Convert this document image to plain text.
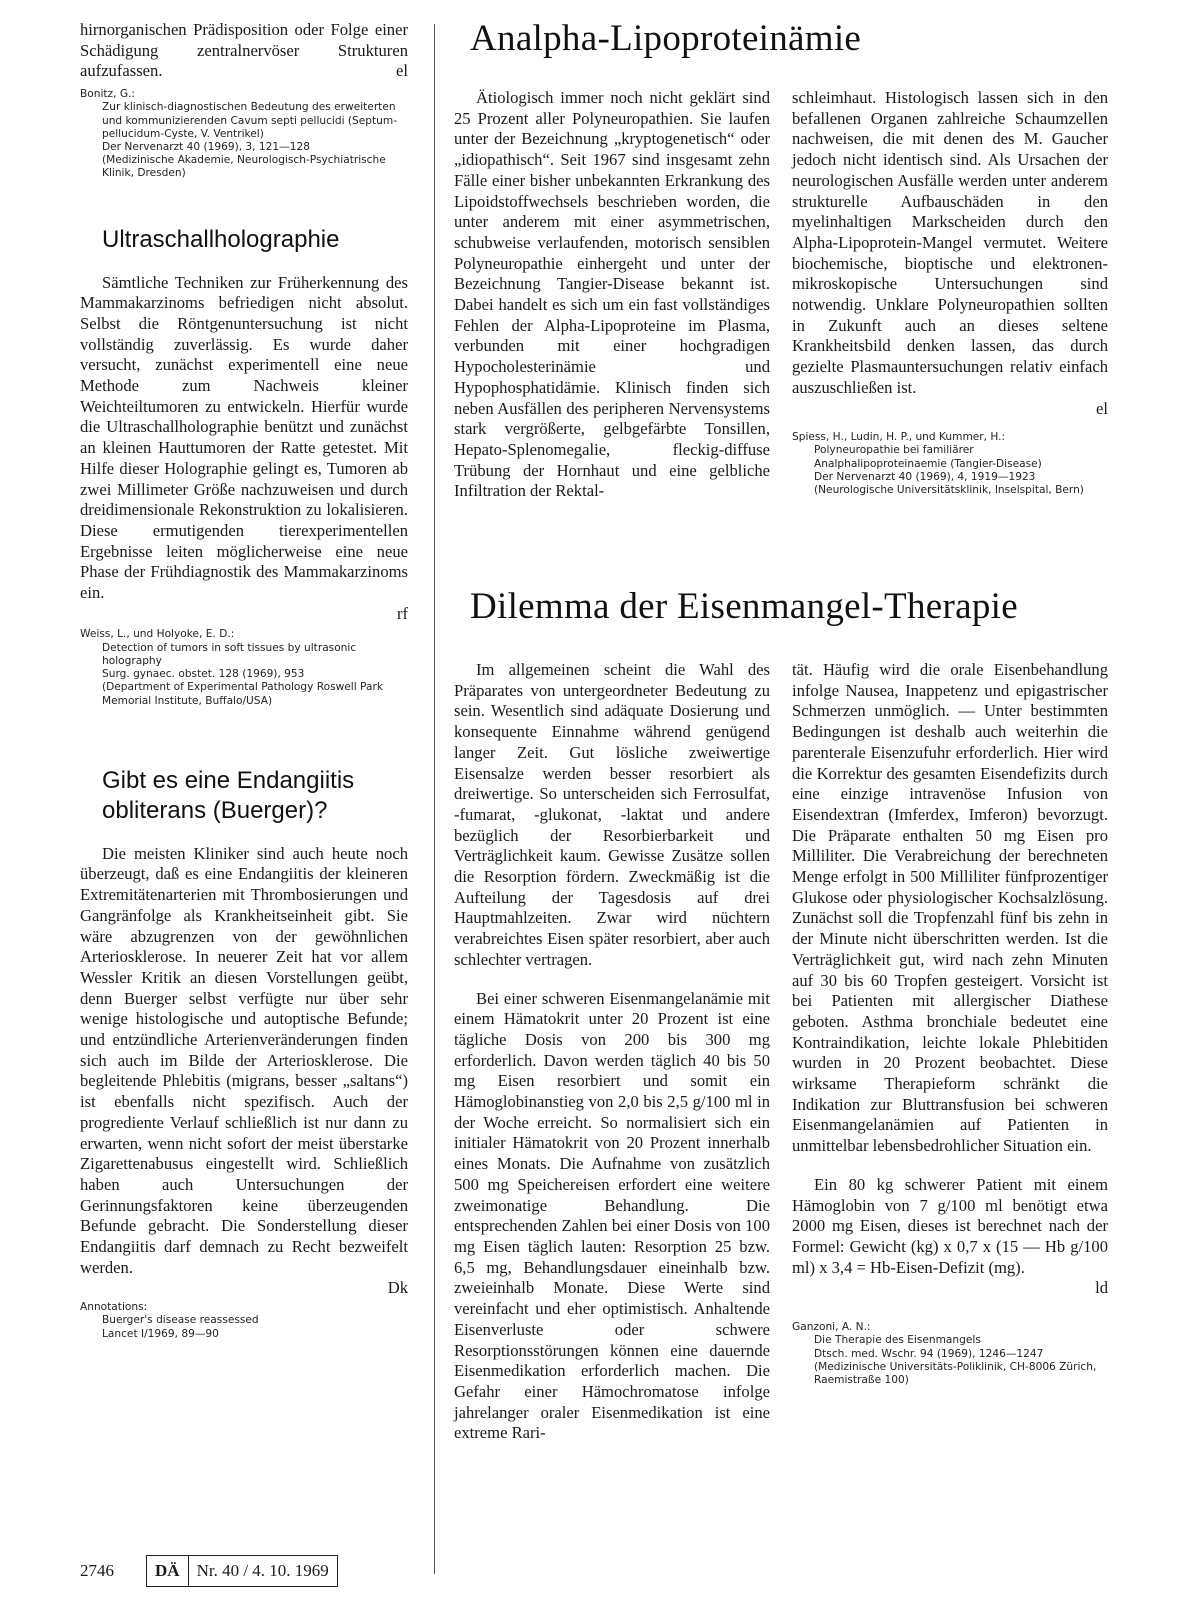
hirnorganischen Prädisposition oder Folge einer Schädigung zentralnervöser Strukturen aufzufassen.	el

Bonitz, G.:
Zur klinisch-diagnostischen Bedeutung des erweiterten und kommunizierenden Cavum septi pellucidi (Septum-pellucidum-Cyste, V. Ventrikel)
Der Nervenarzt 40 (1969), 3, 121—128
(Medizinische Akademie, Neurologisch-Psychiatrische Klinik, Dresden)
Ultraschallholographie

Sämtliche Techniken zur Früherkennung des Mammakarzinoms befriedigen nicht absolut. Selbst die Röntgenuntersuchung ist nicht vollständig zuverlässig. Es wurde daher versucht, zunächst experimentell eine neue Methode zum Nachweis kleiner Weichteiltumoren zu entwickeln. Hierfür wurde die Ultraschallholographie benützt und zunächst an kleinen Hauttumoren der Ratte getestet. Mit Hilfe dieser Holographie gelingt es, Tumoren ab zwei Millimeter Größe nachzuweisen und durch dreidimensionale Rekonstruktion zu lokalisieren. Diese ermutigenden tierexperimentellen Ergebnisse leiten möglicherweise eine neue Phase der Frühdiagnostik des Mammakarzinoms ein.

rf
Weiss, L., und Holyoke, E. D.:
Detection of tumors in soft tissues by ultrasonic holography
Surg. gynaec. obstet. 128 (1969), 953
(Department of Experimental Pathology Roswell Park Memorial Institute, Buffalo/USA)
Gibt es eine Endangiitis obliterans (Buerger)?

Die meisten Kliniker sind auch heute noch überzeugt, daß es eine Endangiitis der kleineren Extremitätenarterien mit Thrombosierungen und Gangränfolge als Krankheitseinheit gibt. Sie wäre abzugrenzen von der gewöhnlichen Arteriosklerose. In neuerer Zeit hat vor allem Wessler Kritik an diesen Vorstellungen geübt, denn Buerger selbst verfügte nur über sehr wenige histologische und autoptische Befunde; und entzündliche Arterienveränderungen finden sich auch im Bilde der Arteriosklerose. Die begleitende Phlebitis (migrans, besser „saltans“) ist ebenfalls nicht spezifisch. Auch der progrediente Verlauf schließlich ist nur dann zu erwarten, wenn nicht sofort der meist überstarke Zigarettenabusus eingestellt wird. Schließlich haben auch Untersuchungen der Gerinnungsfaktoren keine überzeugenden Befunde gebracht. Die Sonderstellung dieser Endangiitis darf demnach zu Recht bezweifelt werden.

Dk
Annotations:
Buerger's disease reassessed
Lancet I/1969, 89—90
Analpha-Lipoproteinämie

Ätiologisch immer noch nicht geklärt sind 25 Prozent aller Polyneuropathien. Sie laufen unter der Bezeichnung „kryptogenetisch“ oder „idiopathisch“. Seit 1967 sind insgesamt zehn Fälle einer bisher unbekannten Erkrankung des Lipoidstoffwechsels beschrieben worden, die unter anderem mit einer asymmetrischen, schubweise verlaufenden, motorisch sensiblen Polyneuropathie einhergeht und unter der Bezeichnung Tangier-Disease bekannt ist. Dabei handelt es sich um ein fast vollständiges Fehlen der Alpha-Lipoproteine im Plasma, verbunden mit einer hochgradigen Hypocholesterinämie und Hypophosphatidämie. Klinisch finden sich neben Ausfällen des peripheren Nervensystems stark vergrößerte, gelbgefärbte Tonsillen, Hepato-Splenomegalie, fleckig-diffuse Trübung der Hornhaut und eine gelbliche Infiltration der Rektal-

schleimhaut. Histologisch lassen sich in den befallenen Organen zahlreiche Schaumzellen nachweisen, die mit denen des M. Gaucher jedoch nicht identisch sind. Als Ursachen der neurologischen Ausfälle werden unter anderem strukturelle Aufbauschäden in den myelinhaltigen Markscheiden durch den Alpha-Lipoprotein-Mangel vermutet. Weitere biochemische, bioptische und elektronen-mikroskopische Untersuchungen sind notwendig. Unklare Polyneuropathien sollten in Zukunft auch an dieses seltene Krankheitsbild denken lassen, das durch gezielte Plasmauntersuchungen relativ einfach auszuschließen ist.

el
Spiess, H., Ludin, H. P., und Kummer, H.:
Polyneuropathie bei familiärer Analphalipoproteinaemie (Tangier-Disease)
Der Nervenarzt 40 (1969), 4, 1919—1923
(Neurologische Universitätsklinik, Inselspital, Bern)
Dilemma der Eisenmangel-Therapie

Im allgemeinen scheint die Wahl des Präparates von untergeordneter Bedeutung zu sein. Wesentlich sind adäquate Dosierung und konsequente Einnahme während genügend langer Zeit. Gut lösliche zweiwertige Eisensalze werden besser resorbiert als dreiwertige. So unterscheiden sich Ferrosulfat, -fumarat, -glukonat, -laktat und andere bezüglich der Resorbierbarkeit und Verträglichkeit kaum. Gewisse Zusätze sollen die Resorption fördern. Zweckmäßig ist die Aufteilung der Tagesdosis auf drei Hauptmahlzeiten. Zwar wird nüchtern verabreichtes Eisen später resorbiert, aber auch schlechter vertragen.

Bei einer schweren Eisenmangelanämie mit einem Hämatokrit unter 20 Prozent ist eine tägliche Dosis von 200 bis 300 mg erforderlich. Davon werden täglich 40 bis 50 mg Eisen resorbiert und somit ein Hämoglobinanstieg von 2,0 bis 2,5 g/100 ml in der Woche erreicht. So normalisiert sich ein initialer Hämatokrit von 20 Prozent innerhalb eines Monats. Die Aufnahme von zusätzlich 500 mg Speichereisen erfordert eine weitere zweimonatige Behandlung. Die entsprechenden Zahlen bei einer Dosis von 100 mg Eisen täglich lauten: Resorption 25 bzw. 6,5 mg, Behandlungsdauer eineinhalb bzw. zweieinhalb Monate. Diese Werte sind vereinfacht und eher optimistisch. Anhaltende Eisenverluste oder schwere Resorptionsstörungen können eine dauernde Eisenmedikation erforderlich machen. Die Gefahr einer Hämochromatose infolge jahrelanger oraler Eisenmedikation ist eine extreme Rari-

tät. Häufig wird die orale Eisenbehandlung infolge Nausea, Inappetenz und epigastrischer Schmerzen unmöglich. — Unter bestimmten Bedingungen ist deshalb auch weiterhin die parenterale Eisenzufuhr erforderlich. Hier wird die Korrektur des gesamten Eisendefizits durch eine einzige intravenöse Infusion von Eisendextran (Imferdex, Imferon) bevorzugt. Die Präparate enthalten 50 mg Eisen pro Milliliter. Die Verabreichung der berechneten Menge erfolgt in 500 Milliliter fünfprozentiger Glukose oder physiologischer Kochsalzlösung. Zunächst soll die Tropfenzahl fünf bis zehn in der Minute nicht überschritten werden. Ist die Verträglichkeit gut, wird nach zehn Minuten auf 30 bis 60 Tropfen gesteigert. Vorsicht ist bei Patienten mit allergischer Diathese geboten. Asthma bronchiale bedeutet eine Kontraindikation, leichte lokale Phlebitiden wurden in 20 Prozent beobachtet. Diese wirksame Therapieform schränkt die Indikation zur Bluttransfusion bei schweren Eisenmangelanämien auf Patienten in unmittelbar lebensbedrohlicher Situation ein.

Ein 80 kg schwerer Patient mit einem Hämoglobin von 7 g/100 ml benötigt etwa 2000 mg Eisen, dieses ist berechnet nach der Formel: Gewicht (kg) x 0,7 x (15 — Hb g/100 ml) x 3,4 = Hb-Eisen-Defizit (mg).

ld
Ganzoni, A. N.:
Die Therapie des Eisenmangels
Dtsch. med. Wschr. 94 (1969), 1246—1247
(Medizinische Universitäts-Poliklinik, CH-8006 Zürich, Raemistraße 100)
2746	DÄ	Nr. 40 / 4. 10. 1969
